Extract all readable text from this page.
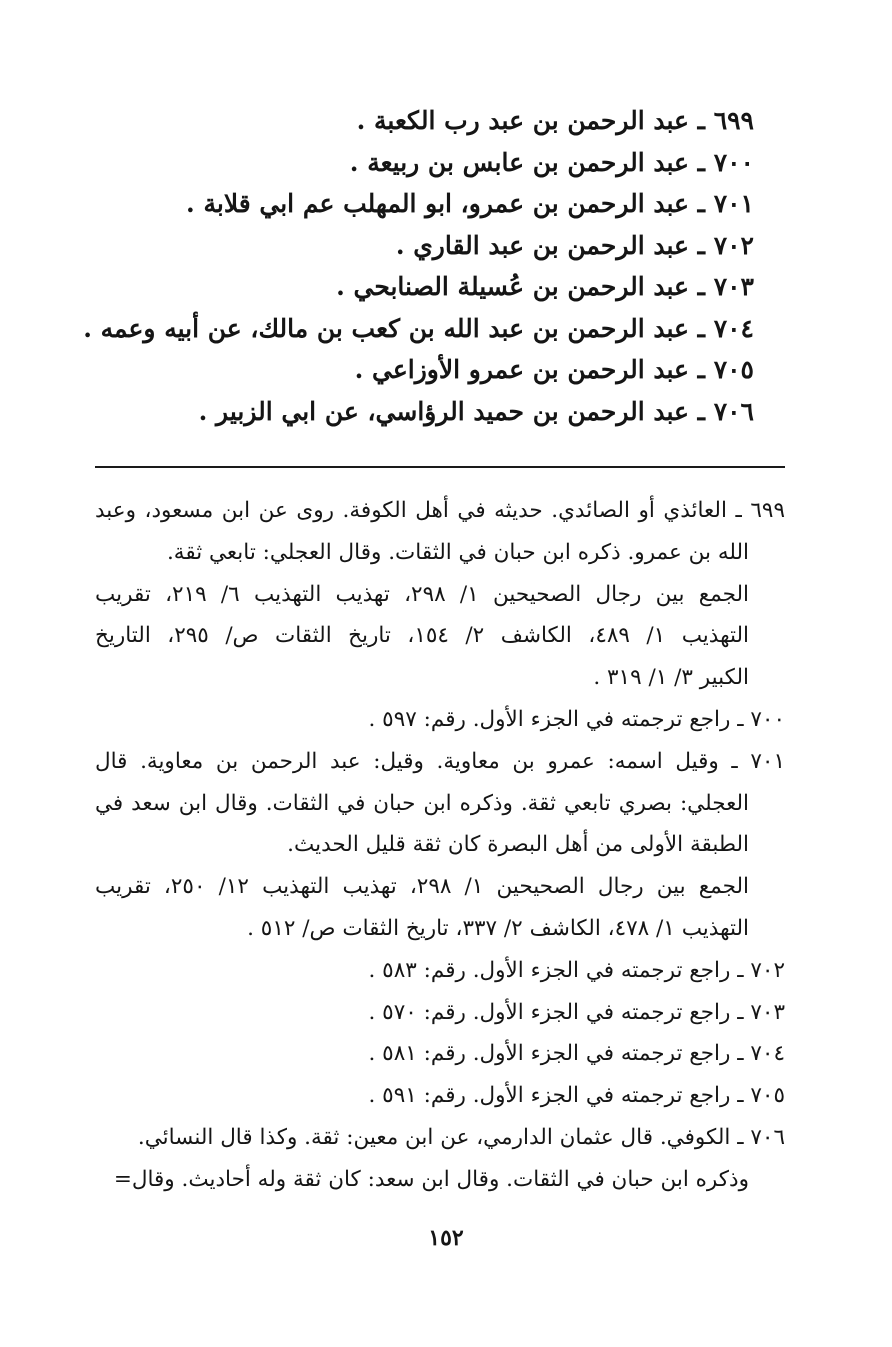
٦٩٩ ـ عبد الرحمن بن عبد رب الكعبة .
٧٠٠ ـ عبد الرحمن بن عابس بن ربيعة .
٧٠١ ـ عبد الرحمن بن عمرو، ابو المهلب عم ابي قلابة .
٧٠٢ ـ عبد الرحمن بن عبد القاري .
٧٠٣ ـ عبد الرحمن بن عُسيلة الصنابحي .
٧٠٤ ـ عبد الرحمن بن عبد الله بن كعب بن مالك، عن أبيه وعمه .
٧٠٥ ـ عبد الرحمن بن عمرو الأوزاعي .
٧٠٦ ـ عبد الرحمن بن حميد الرؤاسي، عن ابي الزبير .
٦٩٩ ـ العائذي أو الصائدي. حديثه في أهل الكوفة. روى عن ابن مسعود، وعبد
الله بن عمرو. ذكره ابن حبان في الثقات. وقال العجلي: تابعي ثقة.
الجمع بين رجال الصحيحين ١/ ٢٩٨، تهذيب التهذيب ٦/ ٢١٩، تقريب
التهذيب ١/ ٤٨٩، الكاشف ٢/ ١٥٤، تاريخ الثقات ص/ ٢٩٥، التاريخ
الكبير ٣/ ١/ ٣١٩ .
٧٠٠ ـ راجع ترجمته في الجزء الأول. رقم: ٥٩٧ .
٧٠١ ـ وقيل اسمه: عمرو بن معاوية. وقيل: عبد الرحمن بن معاوية. قال
العجلي: بصري تابعي ثقة. وذكره ابن حبان في الثقات. وقال ابن سعد في
الطبقة الأولى من أهل البصرة كان ثقة قليل الحديث.
الجمع بين رجال الصحيحين ١/ ٢٩٨، تهذيب التهذيب ١٢/ ٢٥٠، تقريب
التهذيب ١/ ٤٧٨، الكاشف ٢/ ٣٣٧، تاريخ الثقات ص/ ٥١٢ .
٧٠٢ ـ راجع ترجمته في الجزء الأول. رقم: ٥٨٣ .
٧٠٣ ـ راجع ترجمته في الجزء الأول. رقم: ٥٧٠ .
٧٠٤ ـ راجع ترجمته في الجزء الأول. رقم: ٥٨١ .
٧٠٥ ـ راجع ترجمته في الجزء الأول. رقم: ٥٩١ .
٧٠٦ ـ الكوفي. قال عثمان الدارمي، عن ابن معين: ثقة. وكذا قال النسائي.
وذكره ابن حبان في الثقات. وقال ابن سعد: كان ثقة وله أحاديث. وقال=
١٥٢
